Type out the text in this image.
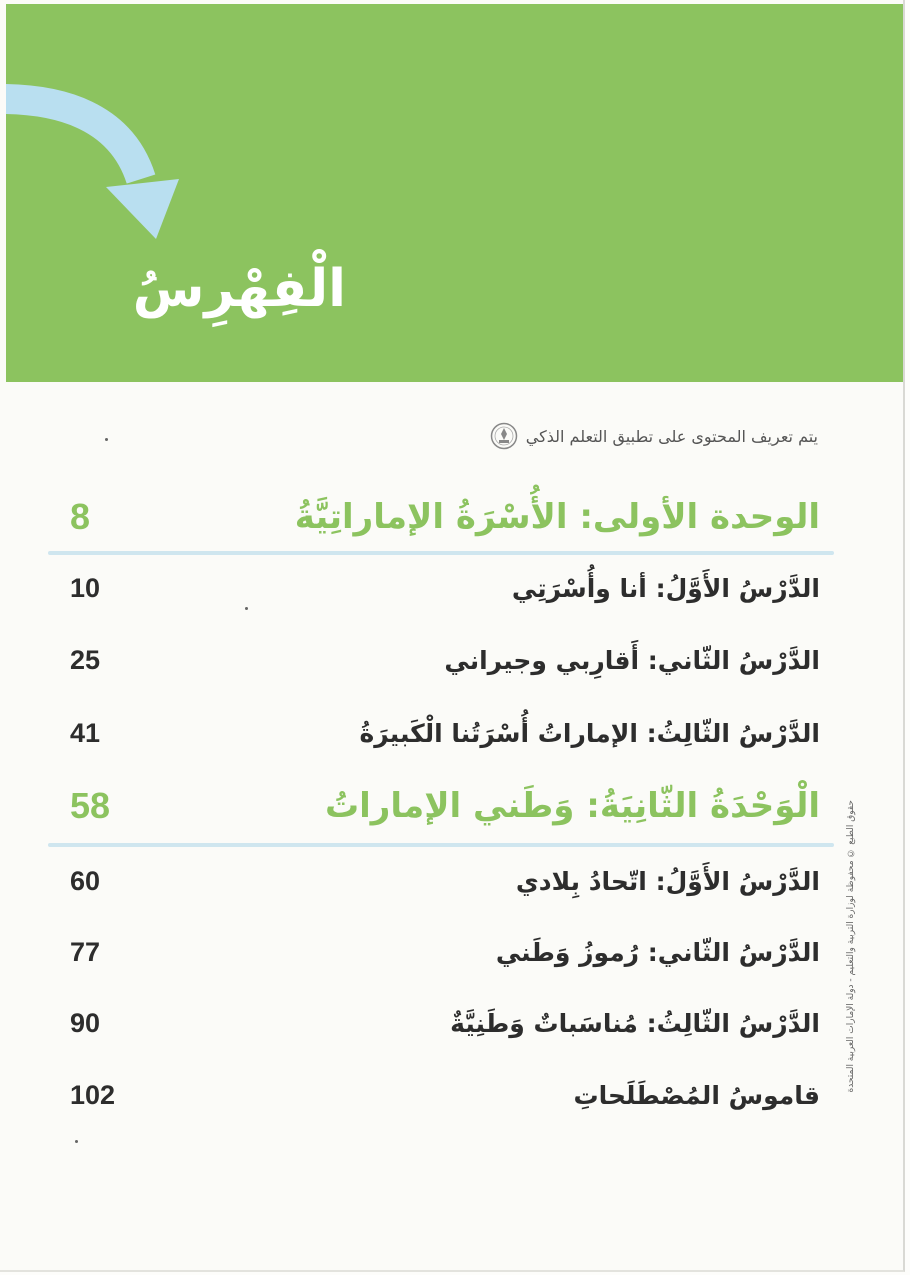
الْفِهْرِسُ
يتم تعريف المحتوى على تطبيق التعلم الذكي
حقوق الطبع © محفوظة لوزارة التربية والتعليم - دولة الإمارات العربية المتحدة
الوحدة الأولى: الأُسْرَةُ الإماراتِيَّةُ
8
الدَّرْسُ الأَوَّلُ: أنا وأُسْرَتِي
10
الدَّرْسُ الثّاني: أَقارِبي وجيراني
25
الدَّرْسُ الثّالِثُ: الإماراتُ أُسْرَتُنا الْكَبيرَةُ
41
الْوَحْدَةُ الثّانِيَةُ: وَطَني الإماراتُ
58
الدَّرْسُ الأَوَّلُ: اتّحادُ بِلادي
60
الدَّرْسُ الثّاني: رُموزُ وَطَني
77
الدَّرْسُ الثّالِثُ: مُناسَباتٌ وَطَنِيَّةٌ
90
قاموسُ المُصْطَلَحاتِ
102
